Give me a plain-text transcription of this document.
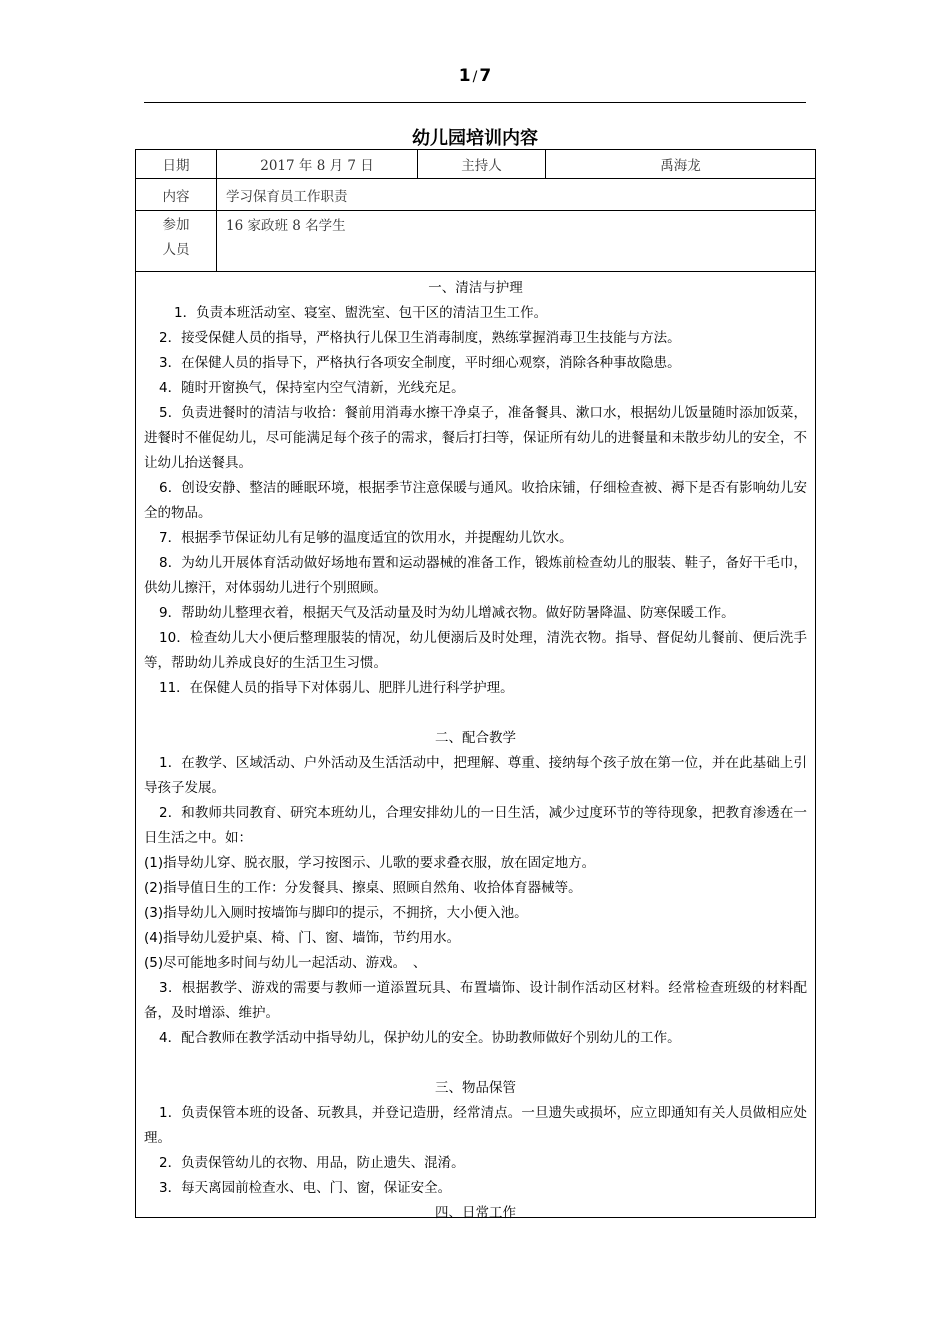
1 / 7
幼儿园培训内容
日期	2017 年 8 月 7 日	主持人	禹海龙
内容	学习保育员工作职责		
参加
人员	16 家政班 8 名学生		

一、清洁与护理

1．负责本班活动室、寝室、盥洗室、包干区的清洁卫生工作。

2．接受保健人员的指导，严格执行儿保卫生消毒制度，熟练掌握消毒卫生技能与方法。

3．在保健人员的指导下，严格执行各项安全制度，平时细心观察，消除各种事故隐患。

4．随时开窗换气，保持室内空气清新，光线充足。

5．负责进餐时的清洁与收拾：餐前用消毒水擦干净桌子，准备餐具、漱口水，根据幼儿饭量随时添加饭菜，进餐时不催促幼儿，尽可能满足每个孩子的需求，餐后打扫等，保证所有幼儿的进餐量和未散步幼儿的安全，不让幼儿抬送餐具。

6．创设安静、整洁的睡眠环境，根据季节注意保暖与通风。收拾床铺，仔细检查被、褥下是否有影响幼儿安全的物品。

7．根据季节保证幼儿有足够的温度适宜的饮用水，并提醒幼儿饮水。

8．为幼儿开展体育活动做好场地布置和运动器械的准备工作，锻炼前检查幼儿的服装、鞋子，备好干毛巾，供幼儿擦汗，对体弱幼儿进行个别照顾。

9．帮助幼儿整理衣着，根据天气及活动量及时为幼儿增减衣物。做好防暑降温、防寒保暖工作。

10．检查幼儿大小便后整理服装的情况，幼儿便溺后及时处理，清洗衣物。指导、督促幼儿餐前、便后洗手等，帮助幼儿养成良好的生活卫生习惯。

11．在保健人员的指导下对体弱儿、肥胖儿进行科学护理。

二、配合教学

1．在教学、区域活动、户外活动及生活活动中，把理解、尊重、接纳每个孩子放在第一位，并在此基础上引导孩子发展。

2．和教师共同教育、研究本班幼儿，合理安排幼儿的一日生活，减少过度环节的等待现象，把教育渗透在一日生活之中。如：

(1)指导幼儿穿、脱衣服，学习按图示、儿歌的要求叠衣服，放在固定地方。

(2)指导值日生的工作：分发餐具、擦桌、照顾自然角、收拾体育器械等。

(3)指导幼儿入厕时按墙饰与脚印的提示，不拥挤，大小便入池。

(4)指导幼儿爱护桌、椅、门、窗、墙饰，节约用水。

(5)尽可能地多时间与幼儿一起活动、游戏。　、

3．根据教学、游戏的需要与教师一道添置玩具、布置墙饰、设计制作活动区材料。经常检查班级的材料配备，及时增添、维护。

4．配合教师在教学活动中指导幼儿，保护幼儿的安全。协助教师做好个别幼儿的工作。

三、物品保管

1．负责保管本班的设备、玩教具，并登记造册，经常清点。一旦遗失或损坏，应立即通知有关人员做相应处理。

2．负责保管幼儿的衣物、用品，防止遗失、混淆。

3．每天离园前检查水、电、门、窗，保证安全。

四、日常工作
